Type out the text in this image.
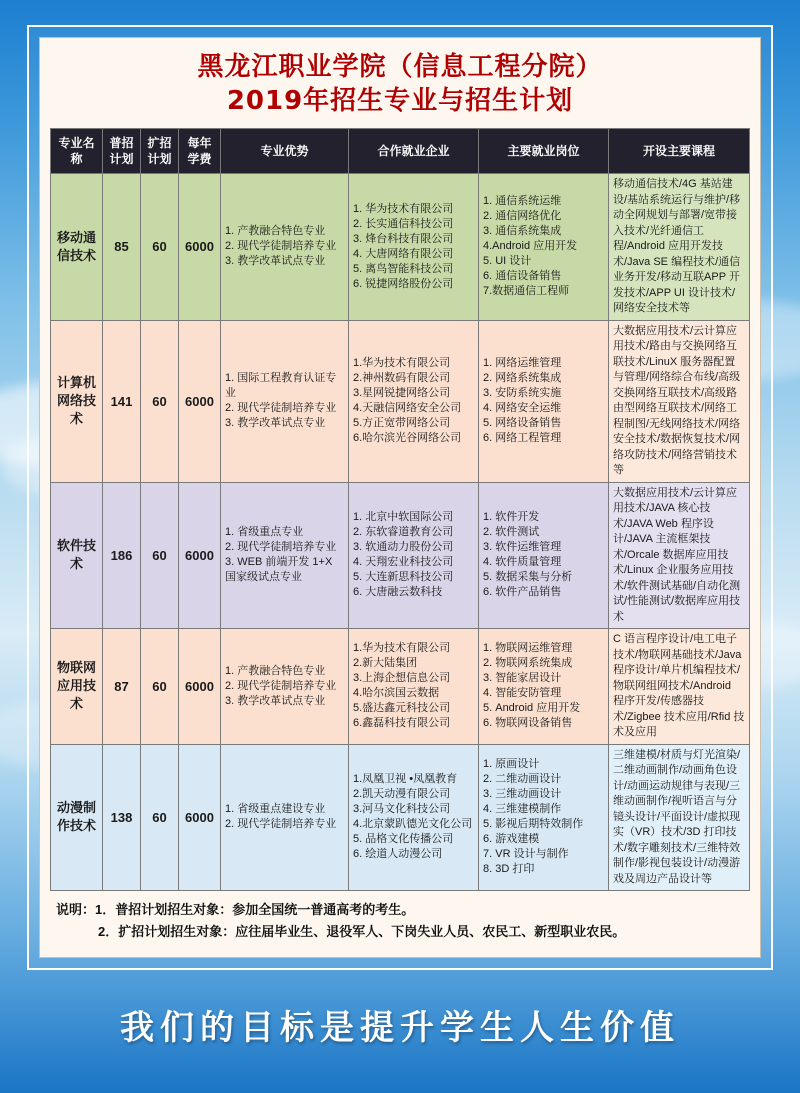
黑龙江职业学院（信息工程分院）
2019年招生专业与招生计划
专业名称	普招计划	扩招计划	每年学费	专业优势	合作就业企业	主要就业岗位	开设主要课程
移动通信技术	85	60	6000	1. 产教融合特色专业
2. 现代学徒制培养专业
3. 教学改革试点专业	1. 华为技术有限公司
2. 长实通信科技公司
3. 烽台科技有限公司
4. 大唐网络有限公司
5. 离鸟智能科技公司
6. 锐捷网络股份公司	1. 通信系统运维
2. 通信网络优化
3. 通信系统集成
4.Android 应用开发
5. UI 设计
6. 通信设备销售
7.数据通信工程师	移动通信技术/4G 基站建设/基站系统运行与维护/移动全网规划与部署/宽带接入技术/光纤通信工程/Android 应用开发技术/Java SE 编程技术/通信业务开发/移动互联APP 开发技术/APP UI 设计技术/网络安全技术等
计算机网络技术	141	60	6000	1. 国际工程教育认证专业
2. 现代学徒制培养专业
3. 教学改革试点专业	1.华为技术有限公司
2.神州数码有限公司
3.星网锐捷网络公司
4.天融信网络安全公司
5.方正宽带网络公司
6.哈尔滨光谷网络公司	1. 网络运维管理
2. 网络系统集成
3. 安防系统实施
4. 网络安全运维
5. 网络设备销售
6. 网络工程管理	大数据应用技术/云计算应用技术/路由与交换网络互联技术/LinuX 服务器配置与管理/网络综合布线/高级交换网络互联技术/高级路由型网络互联技术/网络工程制图/无线网络技术/网络安全技术/数据恢复技术/网络攻防技术/网络营销技术等
软件技术	186	60	6000	1. 省级重点专业
2. 现代学徒制培养专业
3. WEB 前端开发 1+X 国家级试点专业	1. 北京中软国际公司
2. 东软睿道教育公司
3. 软通动力股份公司
4. 天翔宏业科技公司
5. 大连新思科技公司
6. 大唐融云数科技	1. 软件开发
2. 软件测试
3. 软件运维管理
4. 软件质量管理
5. 数据采集与分析
6. 软件产品销售	大数据应用技术/云计算应用技术/JAVA 核心技术/JAVA Web 程序设计/JAVA 主流框架技术/Orcale 数据库应用技术/Linux 企业服务应用技术/软件测试基础/自动化测试/性能测试/数据库应用技术
物联网应用技术	87	60	6000	1. 产教融合特色专业
2. 现代学徒制培养专业
3. 教学改革试点专业	1.华为技术有限公司
2.新大陆集团
3.上海企想信息公司
4.哈尔滨国云数据
5.盛达鑫元科技公司
6.鑫磊科技有限公司	1. 物联网运维管理
2. 物联网系统集成
3. 智能家居设计
4. 智能安防管理
5. Android 应用开发
6. 物联网设备销售	C 语言程序设计/电工电子技术/物联网基础技术/Java 程序设计/单片机编程技术/物联网组网技术/Android 程序开发/传感器技术/Zigbee 技术应用/Rfid 技术及应用
动漫制作技术	138	60	6000	1. 省级重点建设专业
2. 现代学徒制培养专业	1.凤凰卫视 •凤凰教育
2.凯天动漫有限公司
3.河马文化科技公司
4.北京蒙趴德光文化公司
5. 品格文化传播公司
6. 绘道人动漫公司	1. 原画设计
2. 二维动画设计
3. 三维动画设计
4. 三维建模制作
5. 影视后期特效制作
6. 游戏建模
7. VR 设计与制作
8. 3D 打印	三维建模/材质与灯光渲染/二维动画制作/动画角色设计/动画运动规律与表现/三维动画制作/视听语言与分镜头设计/平面设计/虚拟现实（VR）技术/3D 打印技术/数字雕刻技术/三维特效制作/影视包装设计/动漫游戏及周边产品设计等
说明：1．普招计划招生对象：参加全国统一普通高考的考生。
2．扩招计划招生对象：应往届毕业生、退役军人、下岗失业人员、农民工、新型职业农民。
我们的目标是提升学生人生价值
